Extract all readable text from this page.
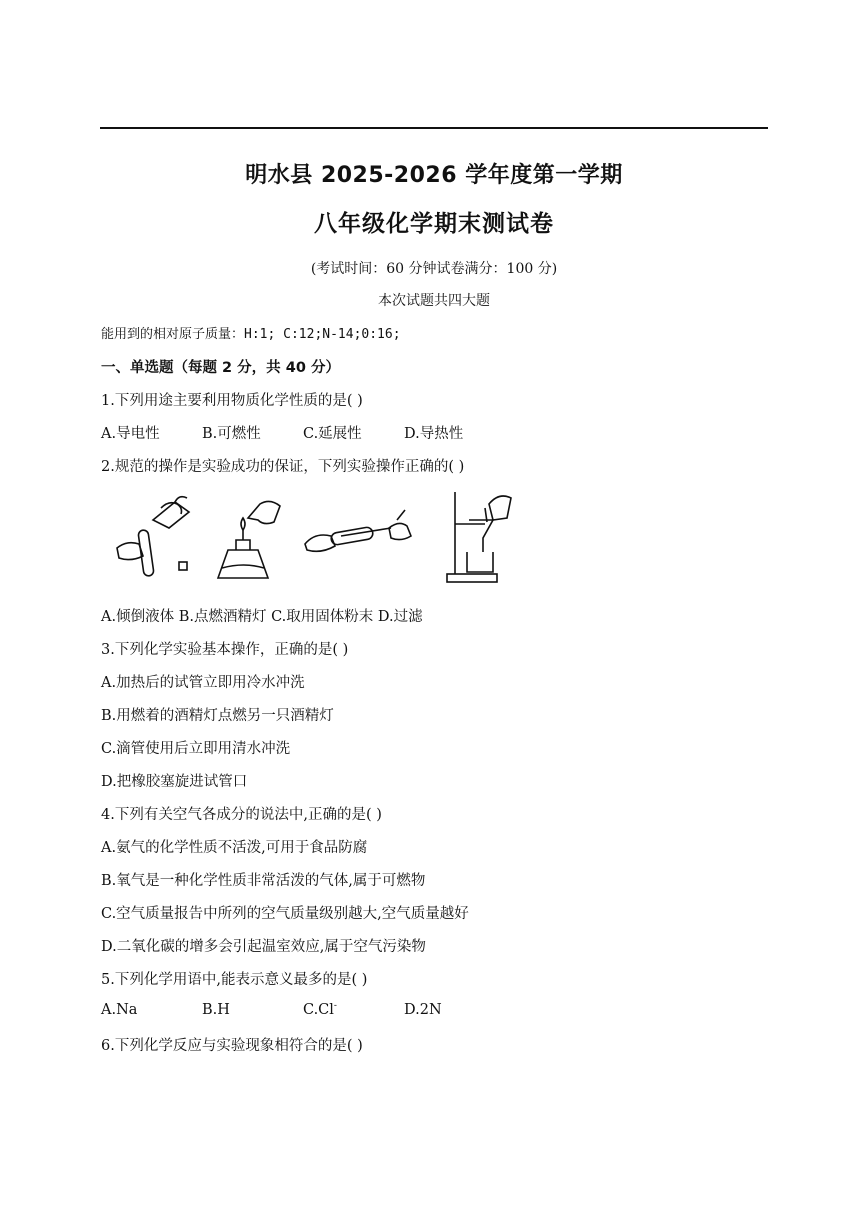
明水县 2025-2026 学年度第一学期
八年级化学期末测试卷
(考试时间：60 分钟试卷满分：100 分)
本次试题共四大题
能用到的相对原子质量：H:1; C:12;N-14;0:16;
一、单选题（每题 2 分，共 40 分）
1.下列用途主要利用物质化学性质的是( )
A.导电性	B.可燃性	C.延展性	D.导热性
2.规范的操作是实验成功的保证，下列实验操作正确的( )
A.倾倒液体 B.点燃酒精灯 C.取用固体粉末 D.过滤
3.下列化学实验基本操作，正确的是( )
A.加热后的试管立即用冷水冲洗
B.用燃着的酒精灯点燃另一只酒精灯
C.滴管使用后立即用清水冲洗
D.把橡胶塞旋进试管口
4.下列有关空气各成分的说法中,正确的是( )
A.氨气的化学性质不活泼,可用于食品防腐
B.氧气是一种化学性质非常活泼的气体,属于可燃物
C.空气质量报告中所列的空气质量级别越大,空气质量越好
D.二氧化碳的增多会引起温室效应,属于空气污染物
5.下列化学用语中,能表示意义最多的是( )
A.Na	B.H	C.Cl-	D.2N
6.下列化学反应与实验现象相符合的是( )
